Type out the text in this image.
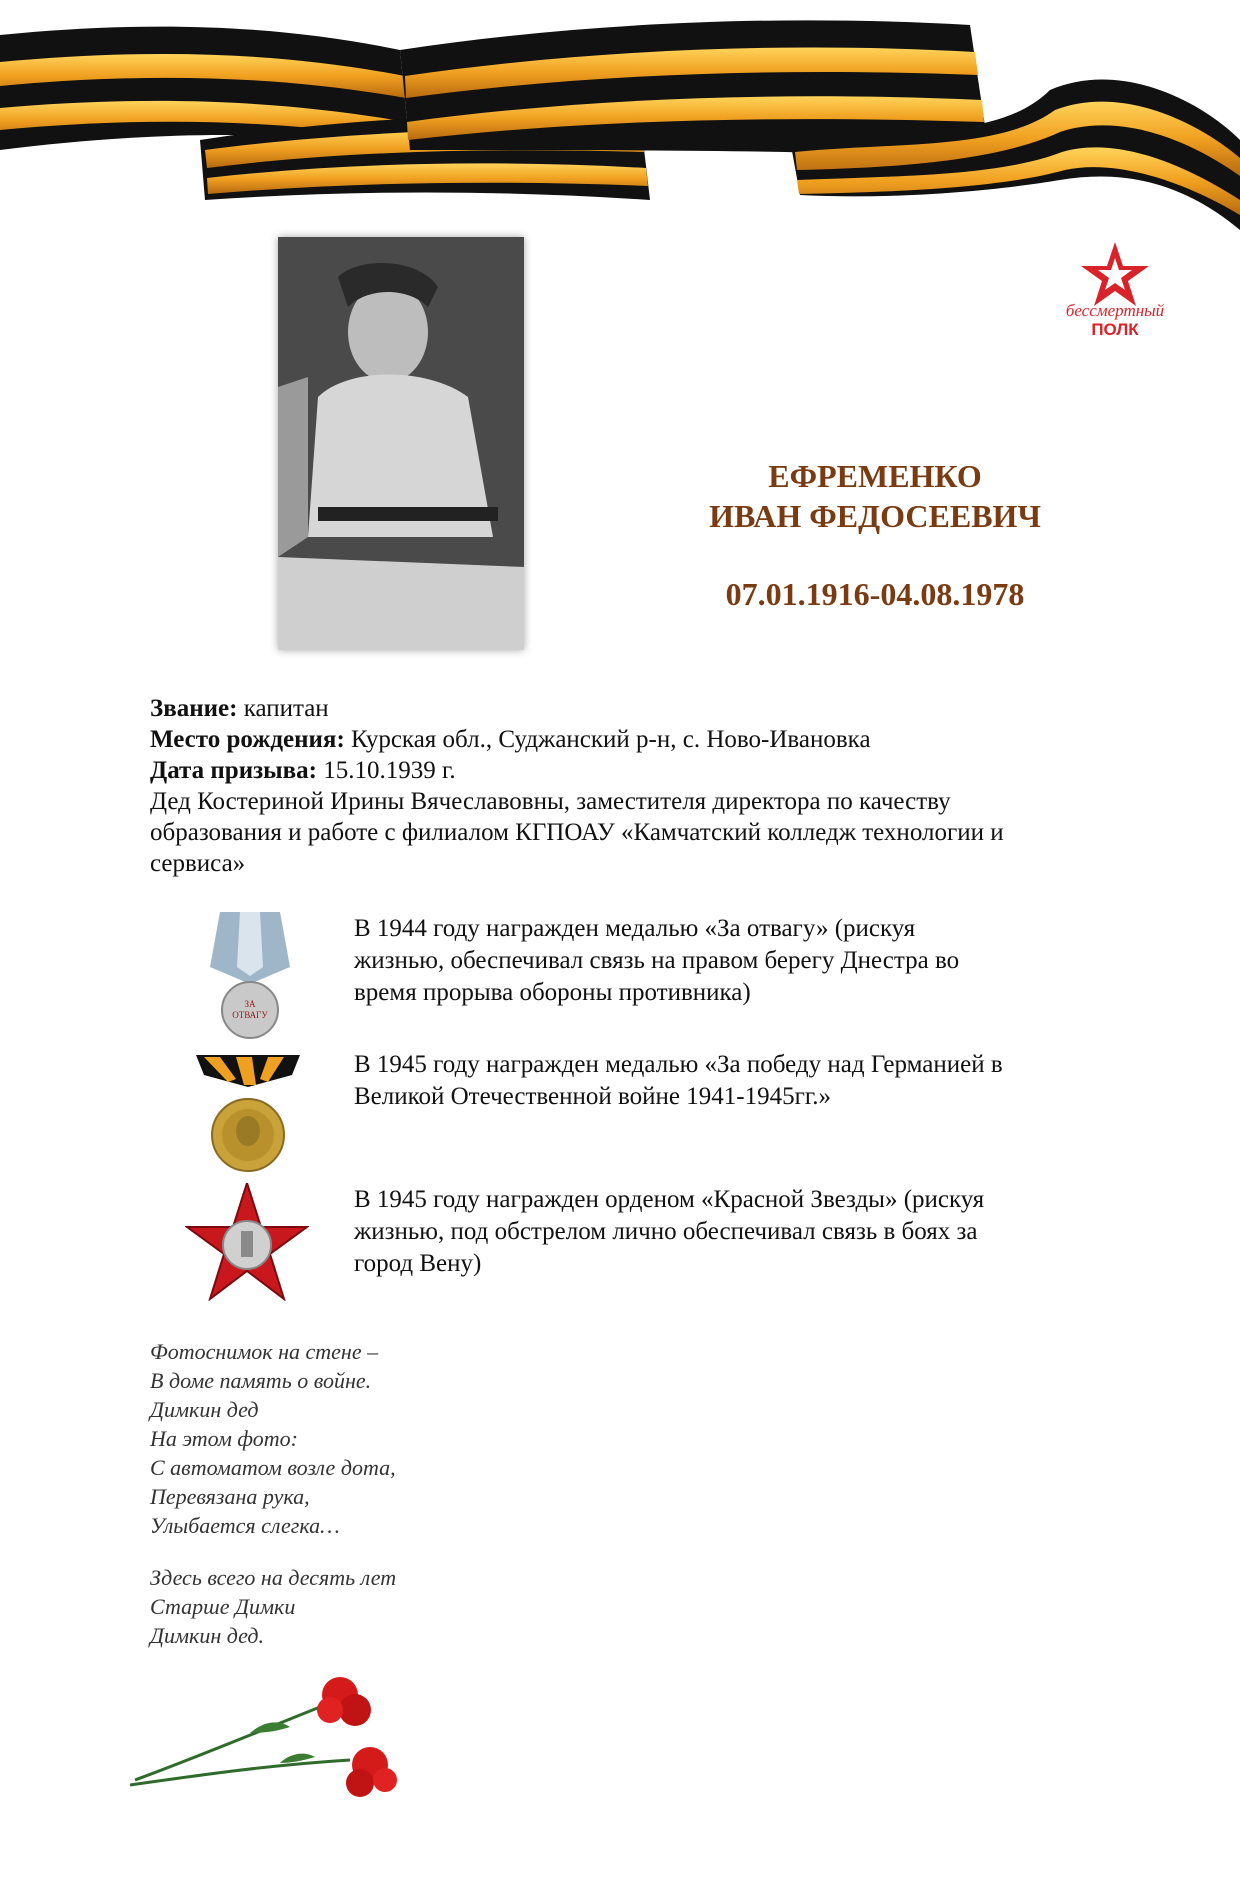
бессмертный
ПОЛК
ЕФРЕМЕНКО
ИВАН ФЕДОСЕЕВИЧ
07.01.1916-04.08.1978
Звание: капитан
Место рождения: Курская обл., Суджанский р-н, с. Ново-Ивановка
Дата призыва: 15.10.1939 г.
Дед Костериной Ирины Вячеславовны, заместителя директора по качеству
образования и работе с филиалом КГПОАУ «Камчатский колледж технологии и
сервиса»
ЗА
ОТВАГУ
В 1944 году награжден медалью «За отвагу» (рискуя
жизнью, обеспечивал связь на правом берегу Днестра во
время прорыва обороны противника)
В 1945 году награжден медалью «За победу над Германией в
Великой Отечественной войне 1941-1945гг.»
В 1945 году награжден орденом «Красной Звезды» (рискуя
жизнью, под обстрелом лично обеспечивал связь в боях за
город Вену)
Фотоснимок на стене –
В доме память о войне.
Димкин дед
На этом фото:
С автоматом возле дота,
Перевязана рука,
Улыбается слегка…
Здесь всего на десять лет
Старше Димки
Димкин дед.
